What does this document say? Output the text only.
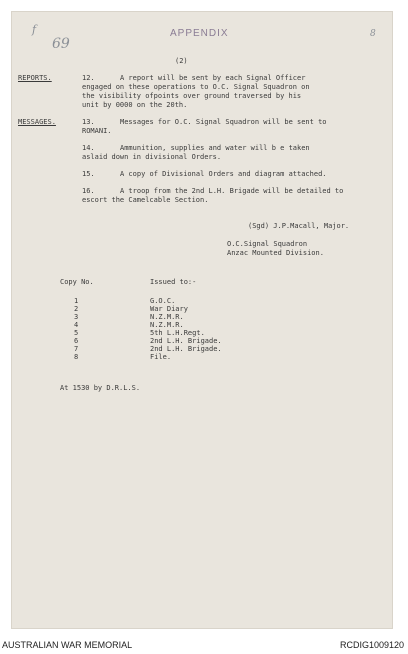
f
69
APPENDIX	8
(2)
REPORTS.	12.	A report will be sent by each Signal Officer
engaged on these operations to O.C. Signal Squadron on
the visibility ofpoints over ground traversed by his
unit by 0000 on the 20th.
MESSAGES.	13.	Messages for O.C. Signal Squadron will be sent to
ROMANI.
14.	Ammunition, supplies and water will b e taken
aslaid down in divisional Orders.
15.	A copy of Divisional Orders and diagram attached.
16.	A troop from the 2nd L.H. Brigade will be detailed to
escort the Camelcable Section.
(Sgd) J.P.Macall, Major.
O.C.Signal Squadron
Anzac Mounted Division.
Copy No.	Issued to:-
1	G.O.C.
2	War Diary
3	N.Z.M.R.
4	N.Z.M.R.
5	5th L.H.Regt.
6	2nd L.H. Brigade.
7	2nd L.H. Brigade.
8	File.
At 1530 by D.R.L.S.
AUSTRALIAN WAR MEMORIAL	RCDIG1009120
